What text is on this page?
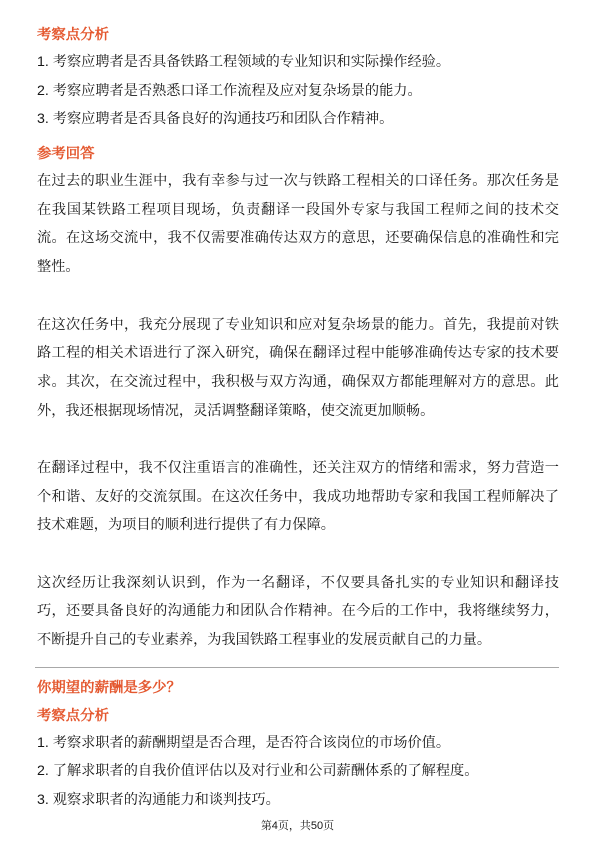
考察点分析
1. 考察应聘者是否具备铁路工程领域的专业知识和实际操作经验。
2. 考察应聘者是否熟悉口译工作流程及应对复杂场景的能力。
3. 考察应聘者是否具备良好的沟通技巧和团队合作精神。
参考回答
在过去的职业生涯中，我有幸参与过一次与铁路工程相关的口译任务。那次任务是
在我国某铁路工程项目现场，负责翻译一段国外专家与我国工程师之间的技术交
流。在这场交流中，我不仅需要准确传达双方的意思，还要确保信息的准确性和完
整性。
在这次任务中，我充分展现了专业知识和应对复杂场景的能力。首先，我提前对铁
路工程的相关术语进行了深入研究，确保在翻译过程中能够准确传达专家的技术要
求。其次，在交流过程中，我积极与双方沟通，确保双方都能理解对方的意思。此
外，我还根据现场情况，灵活调整翻译策略，使交流更加顺畅。
在翻译过程中，我不仅注重语言的准确性，还关注双方的情绪和需求，努力营造一
个和谐、友好的交流氛围。在这次任务中，我成功地帮助专家和我国工程师解决了
技术难题，为项目的顺利进行提供了有力保障。
这次经历让我深刻认识到，作为一名翻译，不仅要具备扎实的专业知识和翻译技
巧，还要具备良好的沟通能力和团队合作精神。在今后的工作中，我将继续努力，
不断提升自己的专业素养，为我国铁路工程事业的发展贡献自己的力量。
你期望的薪酬是多少？
考察点分析
1. 考察求职者的薪酬期望是否合理，是否符合该岗位的市场价值。
2. 了解求职者的自我价值评估以及对行业和公司薪酬体系的了解程度。
3. 观察求职者的沟通能力和谈判技巧。
第4页，共50页
